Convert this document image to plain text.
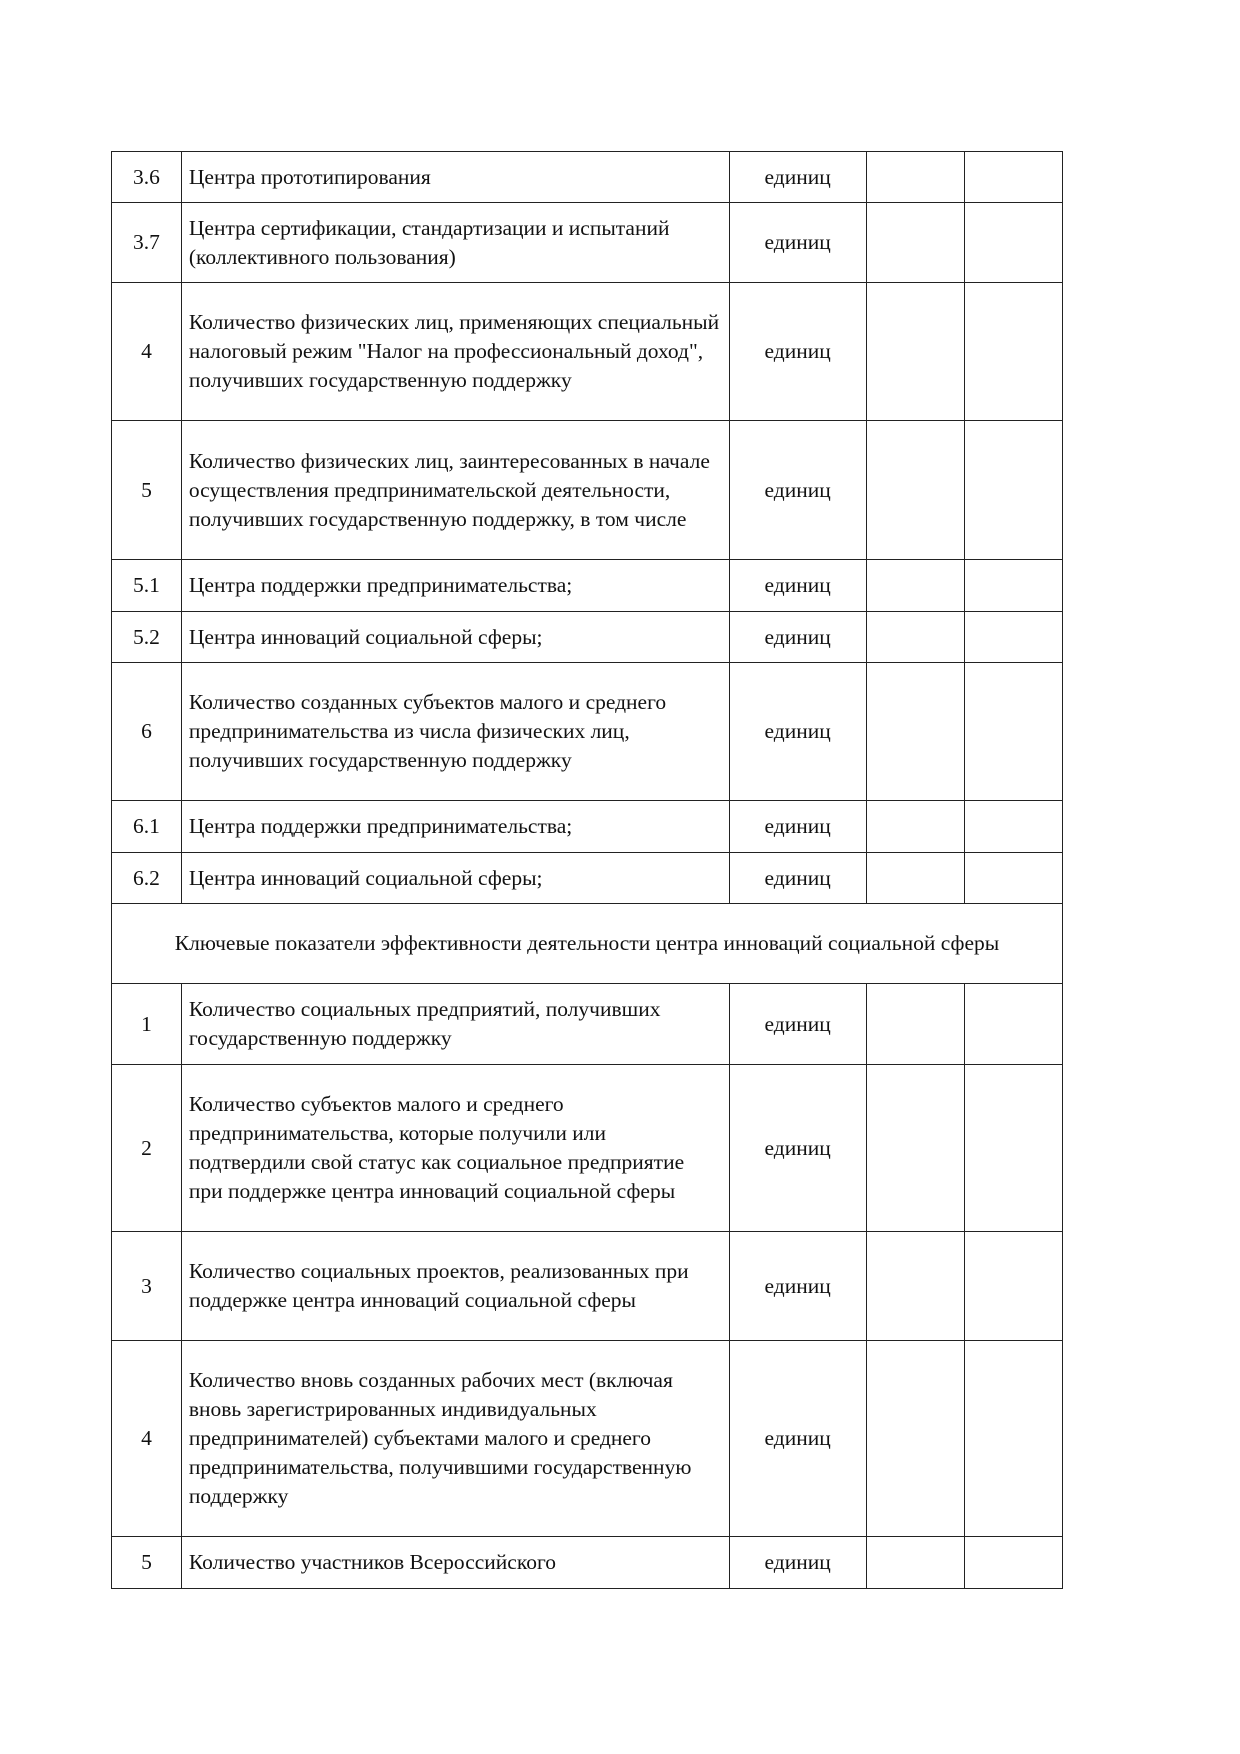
3.6	Центра прототипирования	единиц		
3.7	Центра сертификации, стандартизации и испытаний (коллективного пользования)	единиц		
4	Количество физических лиц, применяющих специальный налоговый режим "Налог на профессиональный доход", получивших государственную поддержку	единиц		
5	Количество физических лиц, заинтересованных в начале осуществления предпринимательской деятельности, получивших государственную поддержку, в том числе	единиц		
5.1	Центра поддержки предпринимательства;	единиц		
5.2	Центра инноваций социальной сферы;	единиц		
6	Количество созданных субъектов малого и среднего предпринимательства из числа физических лиц, получивших государственную поддержку	единиц		
6.1	Центра поддержки предпринимательства;	единиц		
6.2	Центра инноваций социальной сферы;	единиц		
Ключевые показатели эффективности деятельности центра инноваций социальной сферы				
1	Количество социальных предприятий, получивших государственную поддержку	единиц		
2	Количество субъектов малого и среднего предпринимательства, которые получили или подтвердили свой статус как социальное предприятие при поддержке центра инноваций социальной сферы	единиц		
3	Количество социальных проектов, реализованных при поддержке центра инноваций социальной сферы	единиц		
4	Количество вновь созданных рабочих мест (включая вновь зарегистрированных индивидуальных предпринимателей) субъектами малого и среднего предпринимательства, получившими государственную поддержку	единиц		
5	Количество участников Всероссийского	единиц		
